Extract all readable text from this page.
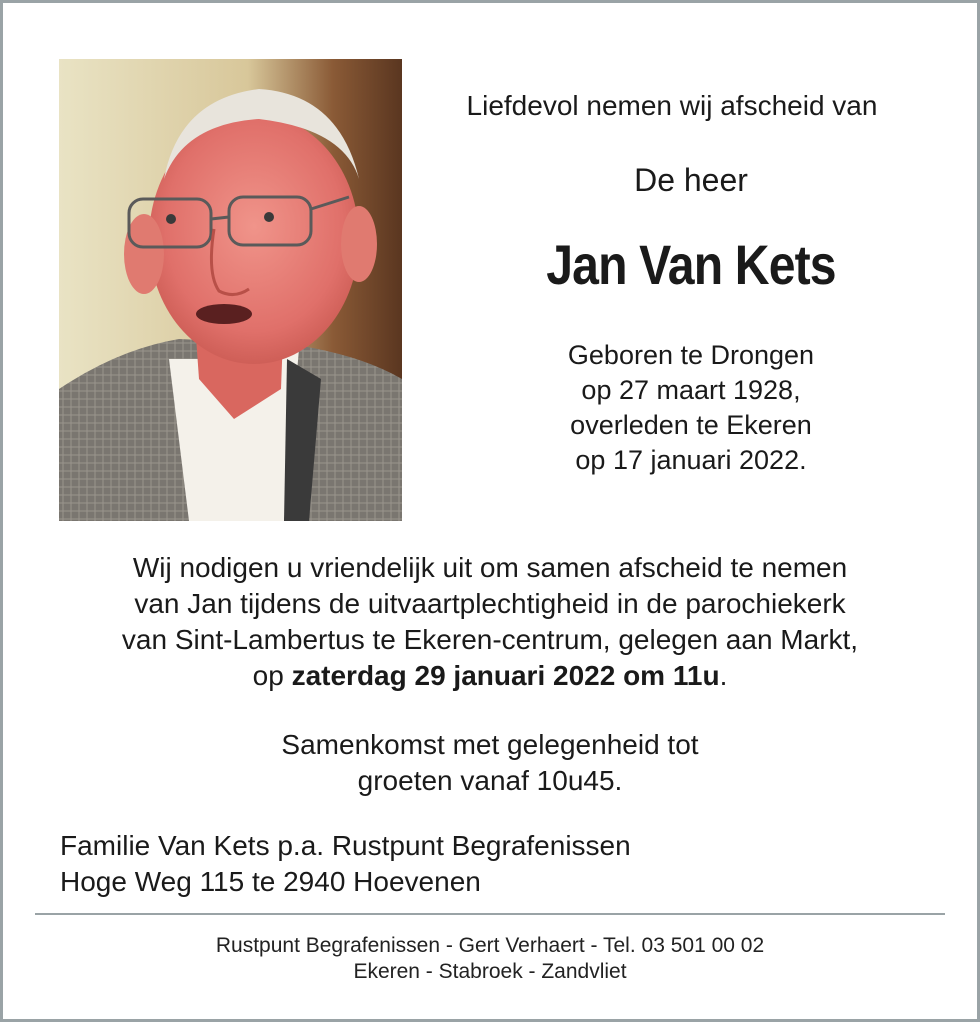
Liefdevol nemen wij afscheid van
De heer
Jan Van Kets
Geboren te Drongen
op 27 maart 1928,
overleden te Ekeren
op 17 januari 2022.
Wij nodigen u vriendelijk uit om samen afscheid te nemen
van Jan tijdens de uitvaartplechtigheid in de parochiekerk
van Sint-Lambertus te Ekeren-centrum, gelegen aan Markt,
op zaterdag 29 januari 2022 om 11u.
Samenkomst met gelegenheid tot
groeten vanaf 10u45.
Familie Van Kets p.a. Rustpunt Begrafenissen
Hoge Weg 115 te 2940 Hoevenen
Rustpunt Begrafenissen - Gert Verhaert - Tel. 03 501 00 02
Ekeren - Stabroek - Zandvliet
